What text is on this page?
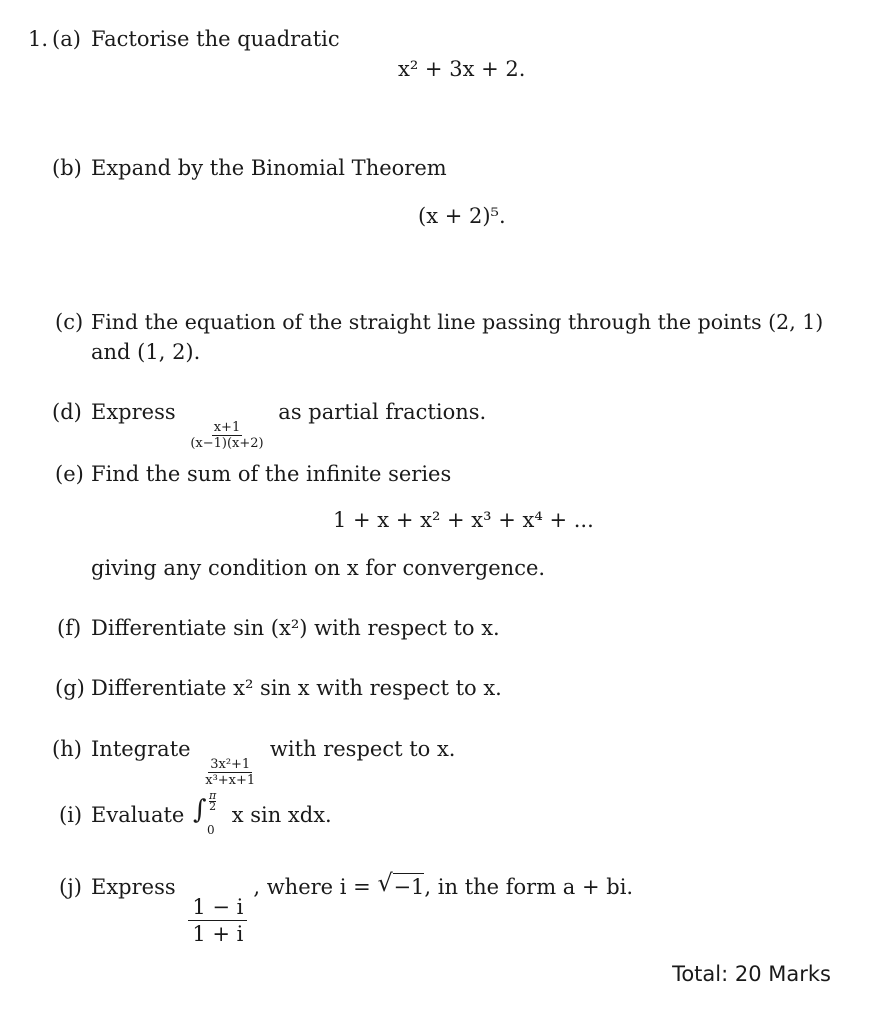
1. (a) Factorise the quadratic
x² + 3x + 2.
(b) Expand by the Binomial Theorem
(x + 2)⁵.
(c) Find the equation of the straight line passing through the points (2, 1)
and (1, 2).
(d) Express
$\frac{x+1}{(x-1)(x+2)}$
as partial fractions.
(e) Find the sum of the infinite series
1 + x + x² + x³ + x⁴ + ...
giving any condition on x for convergence.
(f) Differentiate sin (x²) with respect to x.
(g) Differentiate x² sin x with respect to x.
(h) Integrate
$\frac{\text{3x²+1}}{\text{x³+x+1}}$
with respect to x.
(i) Evaluate ∫ π
2
0
x sin xdx.
(j) Express
$\frac{1 - i}{1 + i}$
, where i = √ −1, in the form a + bi.
Total: 20 Marks
